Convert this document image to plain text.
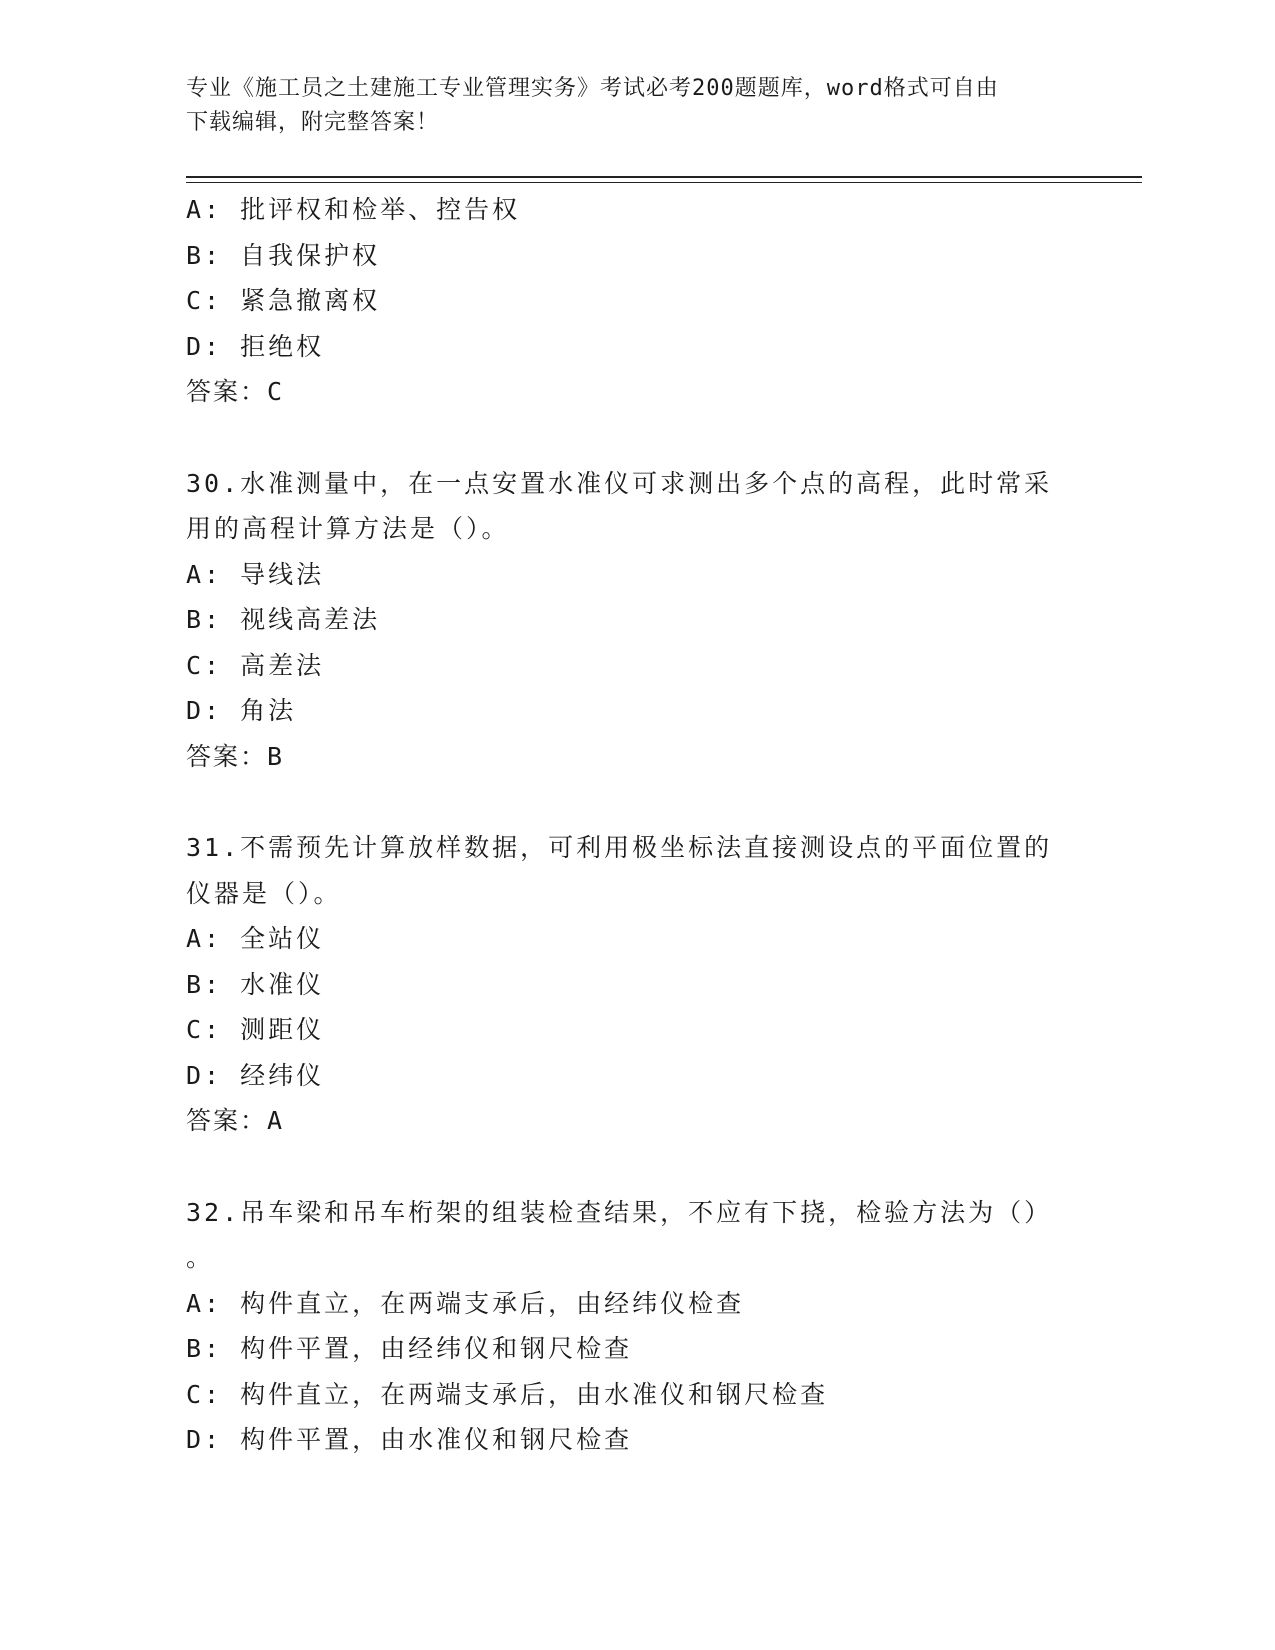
专业《施工员之土建施工专业管理实务》考试必考200题题库，word格式可自由
下载编辑，附完整答案！
A: 批评权和检举、控告权
B: 自我保护权
C: 紧急撤离权
D: 拒绝权
答案：C
30.水准测量中，在一点安置水准仪可求测出多个点的高程，此时常采
用的高程计算方法是（）。
A: 导线法
B: 视线高差法
C: 高差法
D: 角法
答案：B
31.不需预先计算放样数据，可利用极坐标法直接测设点的平面位置的
仪器是（）。
A: 全站仪
B: 水准仪
C: 测距仪
D: 经纬仪
答案：A
32.吊车梁和吊车桁架的组装检查结果，不应有下挠，检验方法为（）
。
A: 构件直立，在两端支承后，由经纬仪检查
B: 构件平置，由经纬仪和钢尺检查
C: 构件直立，在两端支承后，由水准仪和钢尺检查
D: 构件平置，由水准仪和钢尺检查
